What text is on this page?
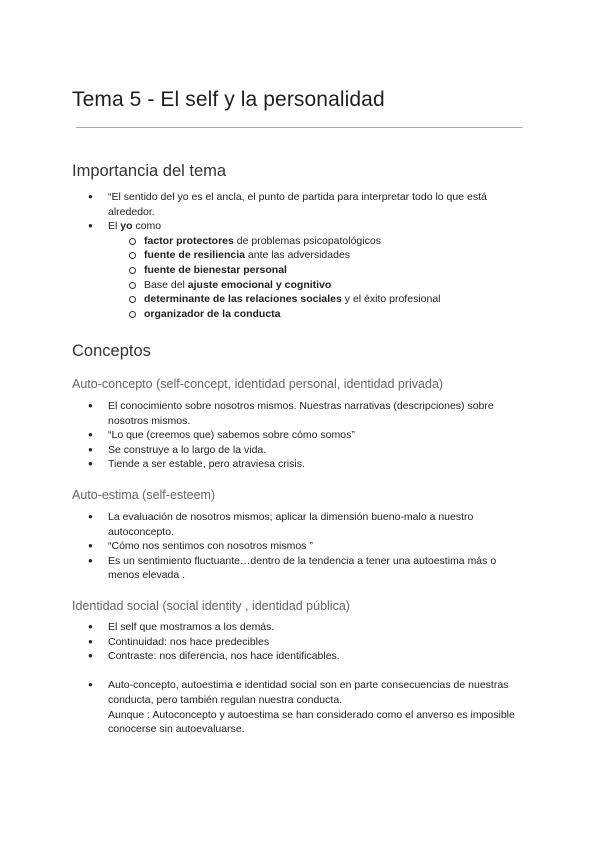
Tema 5 - El self y la personalidad
Importancia del tema
● “El sentido del yo es el ancla, el punto de partida para interpretar todo lo que está alrededor.
● El yo como
factor protectores de problemas psicopatológicos
fuente de resiliencia ante las adversidades
fuente de bienestar personal
Base del ajuste emocional y cognitivo
determinante de las relaciones sociales y el éxito profesional
organizador de la conducta
Conceptos
Auto-concepto (self-concept, identidad personal, identidad privada)
● El conocimiento sobre nosotros mismos. Nuestras narrativas (descripciones) sobre nosotros mismos.
● “Lo que (creemos que) sabemos sobre cómo somos”
● Se construye a lo largo de la vida.
● Tiende a ser estable, pero atraviesa crisis.
Auto-estima (self-esteem)
● La evaluación de nosotros mismos; aplicar la dimensión bueno-malo a nuestro autoconcepto.
● “Cómo nos sentimos con nosotros mismos ”
● Es un sentimiento fluctuante…dentro de la tendencia a tener una autoestima más o menos elevada .
Identidad social (social identity , identidad pública)
● El self que mostramos a los demás.
● Continuidad: nos hace predecibles
● Contraste: nos diferencia, nos hace identificables.
● Auto-concepto, autoestima e identidad social son en parte consecuencias de nuestras conducta, pero también regulan nuestra conducta.
Aunque : Autoconcepto y autoestima se han considerado como el anverso es imposible conocerse sin autoevaluarse.
